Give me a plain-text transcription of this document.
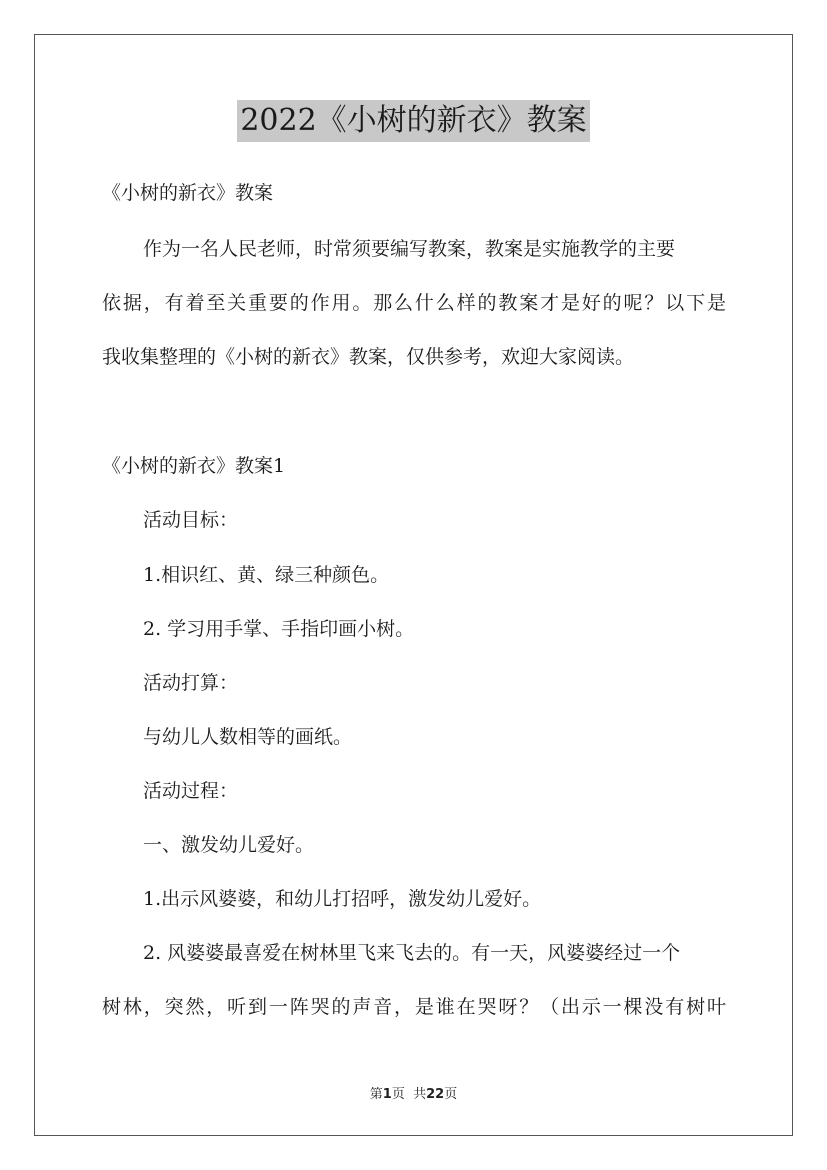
2022《小树的新衣》教案
《小树的新衣》教案
作为一名人民老师，时常须要编写教案，教案是实施教学的主要
依据，有着至关重要的作用。那么什么样的教案才是好的呢？以下是
我收集整理的《小树的新衣》教案，仅供参考，欢迎大家阅读。
《小树的新衣》教案1
活动目标：
1.相识红、黄、绿三种颜色。
2. 学习用手掌、手指印画小树。
活动打算：
与幼儿人数相等的画纸。
活动过程：
一、激发幼儿爱好。
1.出示风婆婆，和幼儿打招呼，激发幼儿爱好。
2. 风婆婆最喜爱在树林里飞来飞去的。有一天，风婆婆经过一个
树林，突然，听到一阵哭的声音，是谁在哭呀？（出示一棵没有树叶
第1页  共22页
